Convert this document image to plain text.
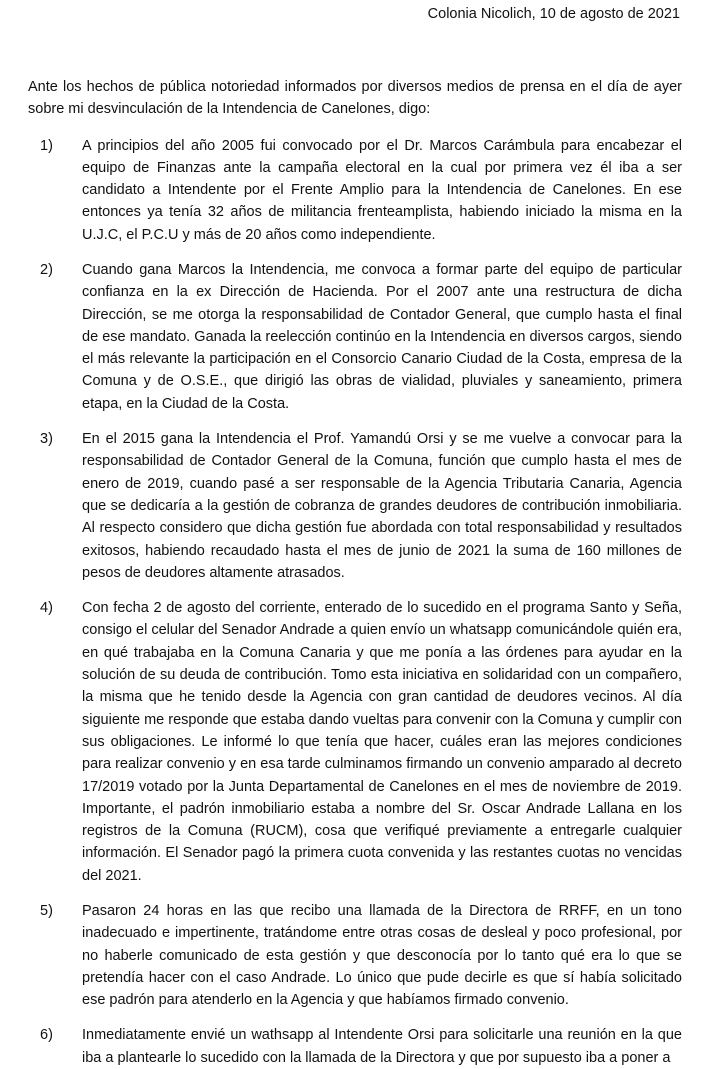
Colonia Nicolich, 10 de agosto de 2021

Ante los hechos de pública notoriedad informados por diversos medios de prensa en el día de ayer sobre mi desvinculación de la Intendencia de Canelones, digo:

1)	A principios del año 2005 fui convocado por el Dr. Marcos Carámbula para encabezar el equipo de Finanzas ante la campaña electoral en la cual por primera vez él iba a ser candidato a Intendente por el Frente Amplio para la Intendencia de Canelones. En ese entonces ya tenía 32 años de militancia frenteamplista, habiendo iniciado la misma en la U.J.C, el P.C.U y más de 20 años como independiente.
2)	Cuando gana Marcos la Intendencia, me convoca a formar parte del equipo de particular confianza en la ex Dirección de Hacienda. Por el 2007 ante una restructura de dicha Dirección, se me otorga la responsabilidad de Contador General, que cumplo hasta el final de ese mandato. Ganada la reelección continúo en la Intendencia en diversos cargos, siendo el más relevante la participación en el Consorcio Canario Ciudad de la Costa, empresa de la Comuna y de O.S.E., que dirigió las obras de vialidad, pluviales y saneamiento, primera etapa, en la Ciudad de la Costa.
3)	En el 2015 gana la Intendencia el Prof. Yamandú Orsi y se me vuelve a convocar para la responsabilidad de Contador General de la Comuna, función que cumplo hasta el mes de enero de 2019, cuando pasé a ser responsable de la Agencia Tributaria Canaria, Agencia que se dedicaría a la gestión de cobranza de grandes deudores de contribución inmobiliaria. Al respecto considero que dicha gestión fue abordada con total responsabilidad y resultados exitosos, habiendo recaudado hasta el mes de junio de 2021 la suma de 160 millones de pesos de deudores altamente atrasados.
4)	Con fecha 2 de agosto del corriente, enterado de lo sucedido en el programa Santo y Seña, consigo el celular del Senador Andrade a quien envío un whatsapp comunicándole quién era, en qué trabajaba en la Comuna Canaria y que me ponía a las órdenes para ayudar en la solución de su deuda de contribución. Tomo esta iniciativa en solidaridad con un compañero, la misma que he tenido desde la Agencia con gran cantidad de deudores vecinos. Al día siguiente me responde que estaba dando vueltas para convenir con la Comuna y cumplir con sus obligaciones. Le informé lo que tenía que hacer, cuáles eran las mejores condiciones para realizar convenio y en esa tarde culminamos firmando un convenio amparado al decreto 17/2019 votado por la Junta Departamental de Canelones en el mes de noviembre de 2019. Importante, el padrón inmobiliario estaba a nombre del Sr. Oscar Andrade Lallana en los registros de la Comuna (RUCM), cosa que verifiqué previamente a entregarle cualquier información. El Senador pagó la primera cuota convenida y las restantes cuotas no vencidas del 2021.
5)	Pasaron 24 horas en las que recibo una llamada de la Directora de RRFF, en un tono inadecuado e impertinente, tratándome entre otras cosas de desleal y poco profesional, por no haberle comunicado de esta gestión y que desconocía por lo tanto qué era lo que se pretendía hacer con el caso Andrade. Lo único que pude decirle es que sí había solicitado ese padrón para atenderlo en la Agencia y que habíamos firmado convenio.
6)	Inmediatamente envié un wathsapp al Intendente Orsi para solicitarle una reunión en la que iba a plantearle lo sucedido con la llamada de la Directora y que por supuesto iba a poner a
